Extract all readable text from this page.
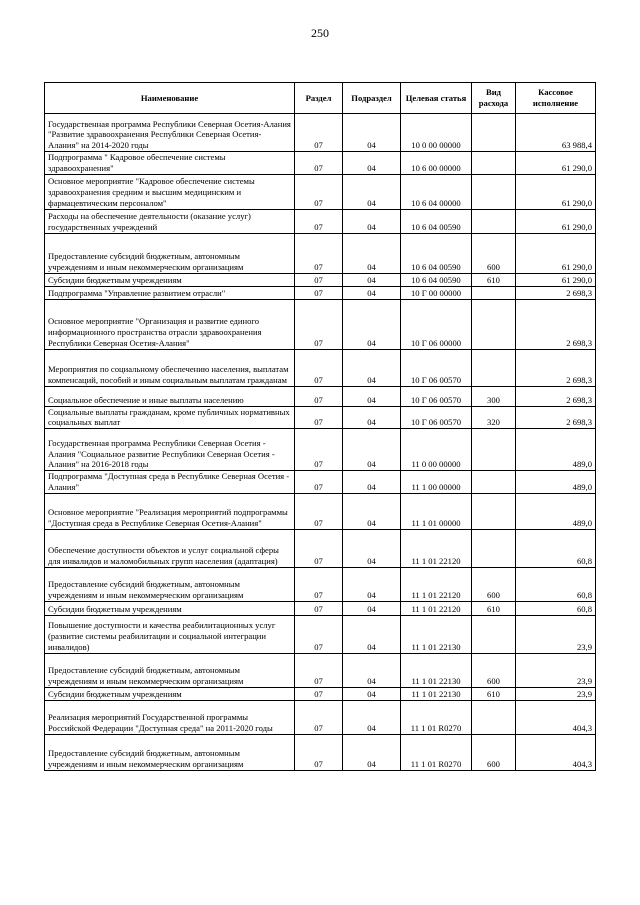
250
Наименование	Раздел	Подраздел	Целевая статья	Вид расхода	Кассовое исполнение
Государственная программа Республики Северная Осетия-Алания "Развитие здравоохранения Республики Северная Осетия-Алания" на 2014-2020 годы	07	04	10 0 00 00000		63 988,4
Подпрограмма " Кадровое обеспечение системы здравоохранения"	07	04	10 6 00 00000		61 290,0
Основное мероприятие "Кадровое обеспечение системы здравоохранения средним и высшим медицинским и фармацевтическим персоналом"	07	04	10 6 04 00000		61 290,0
Расходы на обеспечение деятельности (оказание услуг) государственных учреждений	07	04	10 6 04 00590		61 290,0
Предоставление субсидий бюджетным, автономным учреждениям и иным некоммерческим организациям	07	04	10 6 04 00590	600	61 290,0
Субсидии бюджетным учреждениям	07	04	10 6 04 00590	610	61 290,0
Подпрограмма "Управление развитием отрасли"	07	04	10 Г 00 00000		2 698,3
Основное мероприятие "Организация и развитие единого информационного пространства отрасли здравоохранения Республики Северная Осетия-Алания"	07	04	10 Г 06 00000		2 698,3
Мероприятия по социальному обеспечению населения, выплатам компенсаций, пособий и иным социальным выплатам гражданам	07	04	10 Г 06 00570		2 698,3
Социальное обеспечение и иные выплаты населению	07	04	10 Г 06 00570	300	2 698,3
Социальные выплаты гражданам, кроме публичных нормативных социальных выплат	07	04	10 Г 06 00570	320	2 698,3
Государственная программа Республики Северная Осетия - Алания "Социальное развитие Республики Северная Осетия - Алания" на 2016-2018 годы	07	04	11 0 00 00000		489,0
Подпрограмма "Доступная среда в Республике Северная Осетия - Алания"	07	04	11 1 00 00000		489,0
Основное мероприятие "Реализация мероприятий подпрограммы "Доступная среда в Республике Северная Осетия-Алания"	07	04	11 1 01 00000		489,0
Обеспечение доступности объектов и услуг социальной сферы для инвалидов и маломобильных групп населения (адаптация)	07	04	11 1 01 22120		60,8
Предоставление субсидий бюджетным, автономным учреждениям и иным некоммерческим организациям	07	04	11 1 01 22120	600	60,8
Субсидии бюджетным учреждениям	07	04	11 1 01 22120	610	60,8
Повышение доступности и качества реабилитационных услуг (развитие системы реабилитации и социальной интеграции инвалидов)	07	04	11 1 01 22130		23,9
Предоставление субсидий бюджетным, автономным учреждениям и иным некоммерческим организациям	07	04	11 1 01 22130	600	23,9
Субсидии бюджетным учреждениям	07	04	11 1 01 22130	610	23,9
Реализация мероприятий Государственной программы Российской Федерации "Доступная среда" на 2011-2020 годы	07	04	11 1 01 R0270		404,3
Предоставление субсидий бюджетным, автономным учреждениям и иным некоммерческим организациям	07	04	11 1 01 R0270	600	404,3
